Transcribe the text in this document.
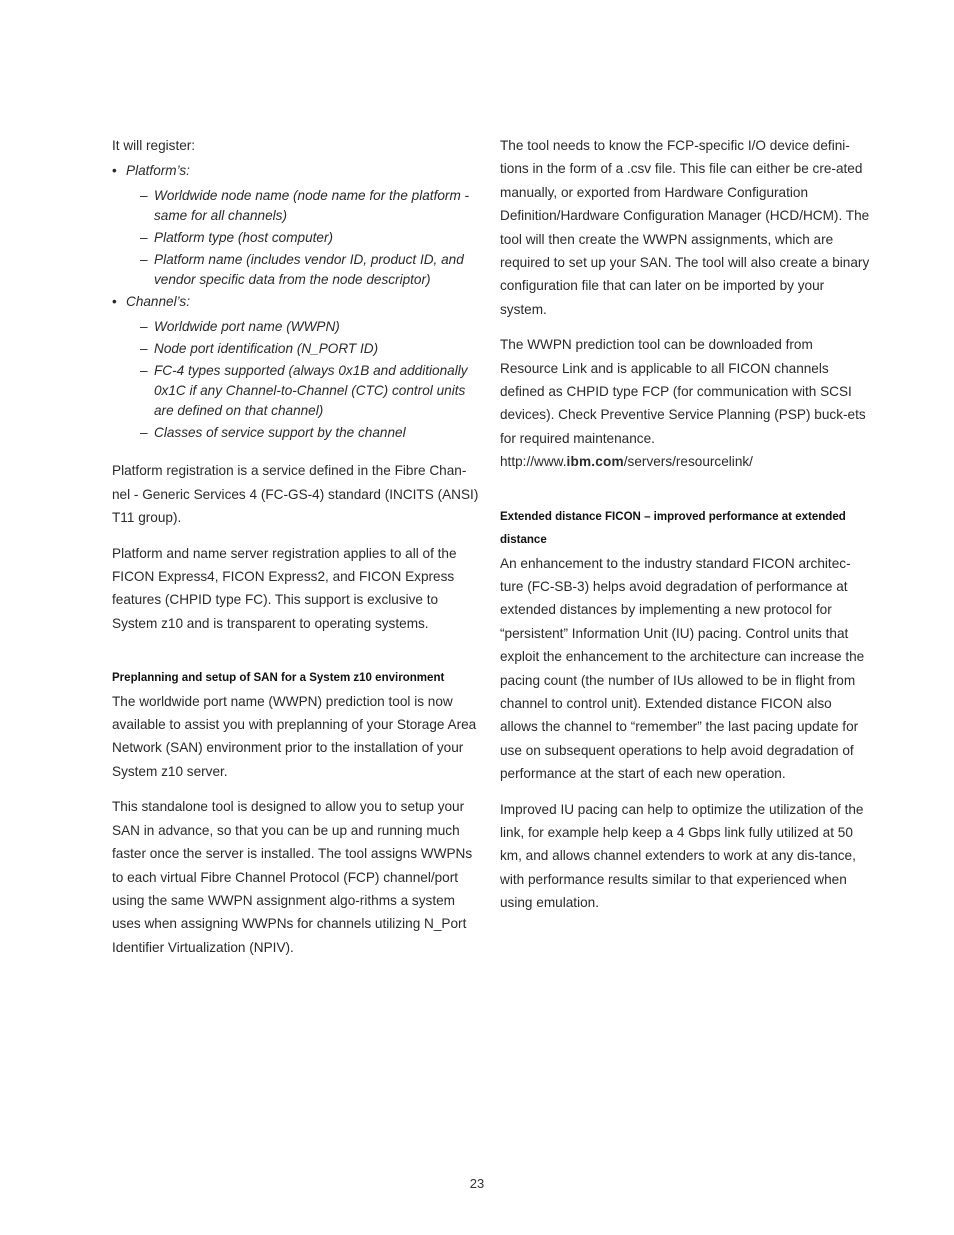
It will register:

• Platform’s:
– Worldwide node name (node name for the platform - same for all channels)
– Platform type (host computer)
– Platform name (includes vendor ID, product ID, and vendor specific data from the node descriptor)
• Channel’s:
– Worldwide port name (WWPN)
– Node port identification (N_PORT ID)
– FC-4 types supported (always 0x1B and additionally 0x1C if any Channel-to-Channel (CTC) control units are defined on that channel)
– Classes of service support by the channel

Platform registration is a service defined in the Fibre Chan-nel - Generic Services 4 (FC-GS-4) standard (INCITS (ANSI) T11 group).

Platform and name server registration applies to all of the FICON Express4, FICON Express2, and FICON Express features (CHPID type FC). This support is exclusive to System z10 and is transparent to operating systems.

Preplanning and setup of SAN for a System z10 environment

The worldwide port name (WWPN) prediction tool is now available to assist you with preplanning of your Storage Area Network (SAN) environment prior to the installation of your System z10 server.

This standalone tool is designed to allow you to setup your SAN in advance, so that you can be up and running much faster once the server is installed. The tool assigns WWPNs to each virtual Fibre Channel Protocol (FCP) channel/port using the same WWPN assignment algo-rithms a system uses when assigning WWPNs for channels utilizing N_Port Identifier Virtualization (NPIV).

The tool needs to know the FCP-specific I/O device defini-tions in the form of a .csv file. This file can either be cre-ated manually, or exported from Hardware Configuration Definition/Hardware Configuration Manager (HCD/HCM). The tool will then create the WWPN assignments, which are required to set up your SAN. The tool will also create a binary configuration file that can later on be imported by your system.

The WWPN prediction tool can be downloaded from Resource Link and is applicable to all FICON channels defined as CHPID type FCP (for communication with SCSI devices). Check Preventive Service Planning (PSP) buck-ets for required maintenance.

http://www.ibm.com/servers/resourcelink/

Extended distance FICON – improved performance at extended distance

An enhancement to the industry standard FICON architec-ture (FC-SB-3) helps avoid degradation of performance at extended distances by implementing a new protocol for “persistent” Information Unit (IU) pacing. Control units that exploit the enhancement to the architecture can increase the pacing count (the number of IUs allowed to be in flight from channel to control unit). Extended distance FICON also allows the channel to “remember” the last pacing update for use on subsequent operations to help avoid degradation of performance at the start of each new operation.

Improved IU pacing can help to optimize the utilization of the link, for example help keep a 4 Gbps link fully utilized at 50 km, and allows channel extenders to work at any dis-tance, with performance results similar to that experienced when using emulation.

23
